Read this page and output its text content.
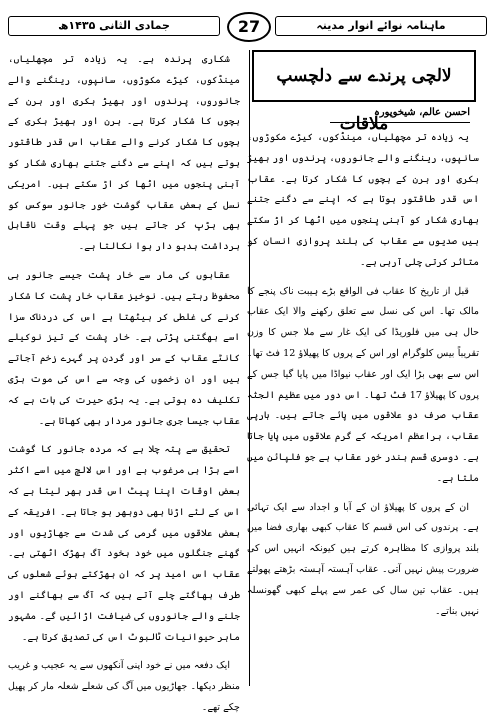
جمادی الثانی ۱۴۳۵ھ	27	ماہنامہ نوائے انوار مدینہ

شکاری پرندہ ہے۔ یہ زیادہ تر مچھلیاں، مینڈکوں، کیڑے مکوڑوں، سانپوں، رینگنے والے جانوروں، پرندوں اور بھیڑ بکری اور ہرن کے بچوں کا شکار کرتا ہے۔ ہرن اور بھیڑ بکری کے بچوں کا شکار کرنے والے عقاب اس قدر طاقتور ہوتے ہیں کہ اپنے سے دگنے جتنے بھاری شکار کو آہنی پنجوں میں اٹھا کر اڑ سکتے ہیں۔ امریکی نسل کے بعض عقاب گوشت خور جانور سوکس کو بھی ہڑپ کر جاتے ہیں جو پہلے وقت ناقابل برداشت بدبو دار ہوا نکالتا ہے۔

عقابوں کی مار سے خار پشت جیسے جانور ہی محفوظ رہتے ہیں۔ نوخیز عقاب خار پشت کا شکار کرنے کی غلطی کر بیٹھتا ہے اس کی دردناک سزا اسے بھگتنی پڑتی ہے۔ خار پشت کے تیز نوکیلے کانٹے عقاب کے سر اور گردن پر گہرے زخم آجاتے ہیں اور ان زخموں کی وجہ سے اس کی موت بڑی تکلیف دہ ہوتی ہے۔ یہ بڑی حیرت کی بات ہے کہ عقاب جیسا جری جانور مردار بھی کھاتا ہے۔

تحقیق سے پتہ چلا ہے کہ مردہ جانور کا گوشت اسے بڑا ہی مرغوب ہے اور اس لالچ میں اسے اکثر بعض اوقات اپنا پیٹ اس قدر بھر لیتا ہے کہ اس کے لئے اڑنا بھی دوبھر ہو جاتا ہے۔ افریقہ کے بعض علاقوں میں گرمی کی شدت سے جھاڑیوں اور گھنے جنگلوں میں خود بخود آگ بھڑک اٹھتی ہے۔ عقاب اس امید پر کہ ان بھڑکتے ہوئے شعلوں کی طرف بھاگتے چلے آتے ہیں کہ آگ سے بھاگنے اور جلنے والے جانوروں کی ضیافت اڑائیں گے۔ مشہور ماہر حیوانیات ٹالبوٹ اس کی تصدیق کرتا ہے۔

ایک دفعہ میں نے خود اپنی آنکھوں سے یہ عجیب و غریب منظر دیکھا۔ جھاڑیوں میں آگ کی شعلے شعلہ مار کر پھیل چکے تھے۔

لالچی پرندے سے دلچسپ ملاقات
احسن عالم، شیخوپورہ

یہ زیادہ تر مچھلیاں، مینڈکوں، کیڑے مکوڑوں، سانپوں، رینگنے والے جانوروں، پرندوں اور بھیڑ بکری اور ہرن کے بچوں کا شکار کرتا ہے۔ عقاب اس قدر طاقتور ہوتا ہے کہ اپنے سے دگنے جتنے بھاری شکار کو آہنی پنجوں میں اٹھا کر اڑ سکتے ہیں صدیوں سے عقاب کی بلند پروازی انسان کو متاثر کرتی چلی آرہی ہے۔

قبل از تاریخ کا عقاب فی الواقع بڑے ہیبت ناک پنجے کا مالک تھا۔ اس کی نسل سے تعلق رکھنے والا ایک عقاب حال ہی میں فلوریڈا کی ایک غار سے ملا جس کا وزن تقریباً بیس کلوگرام اور اس کے پروں کا پھیلاؤ 12 فٹ تھا۔ اس سے بھی بڑا ایک اور عقاب نیواڈا میں پایا گیا جس کے پروں کا پھیلاؤ 17 فٹ تھا۔ اس دور میں عظیم الجثہ عقاب صرف دو علاقوں میں پائے جاتے ہیں۔ ہارپی عقاب، براعظم امریکہ کے گرم علاقوں میں پایا جاتا ہے۔ دوسری قسم بندر خور عقاب ہے جو فلپائن میں ملتا ہے۔

ان کے پروں کا پھیلاؤ ان کے آبا و اجداد سے ایک تہائی ہے۔ پرندوں کی اس قسم کا عقاب کبھی بھاری فضا میں بلند پروازی کا مظاہرہ کرتے ہیں کیونکہ انہیں اس کی ضرورت پیش نہیں آتی۔ عقاب آہستہ آہستہ بڑھتے پھولتے ہیں۔ عقاب تین سال کی عمر سے پہلے کبھی گھونسلہ نہیں بناتے۔
